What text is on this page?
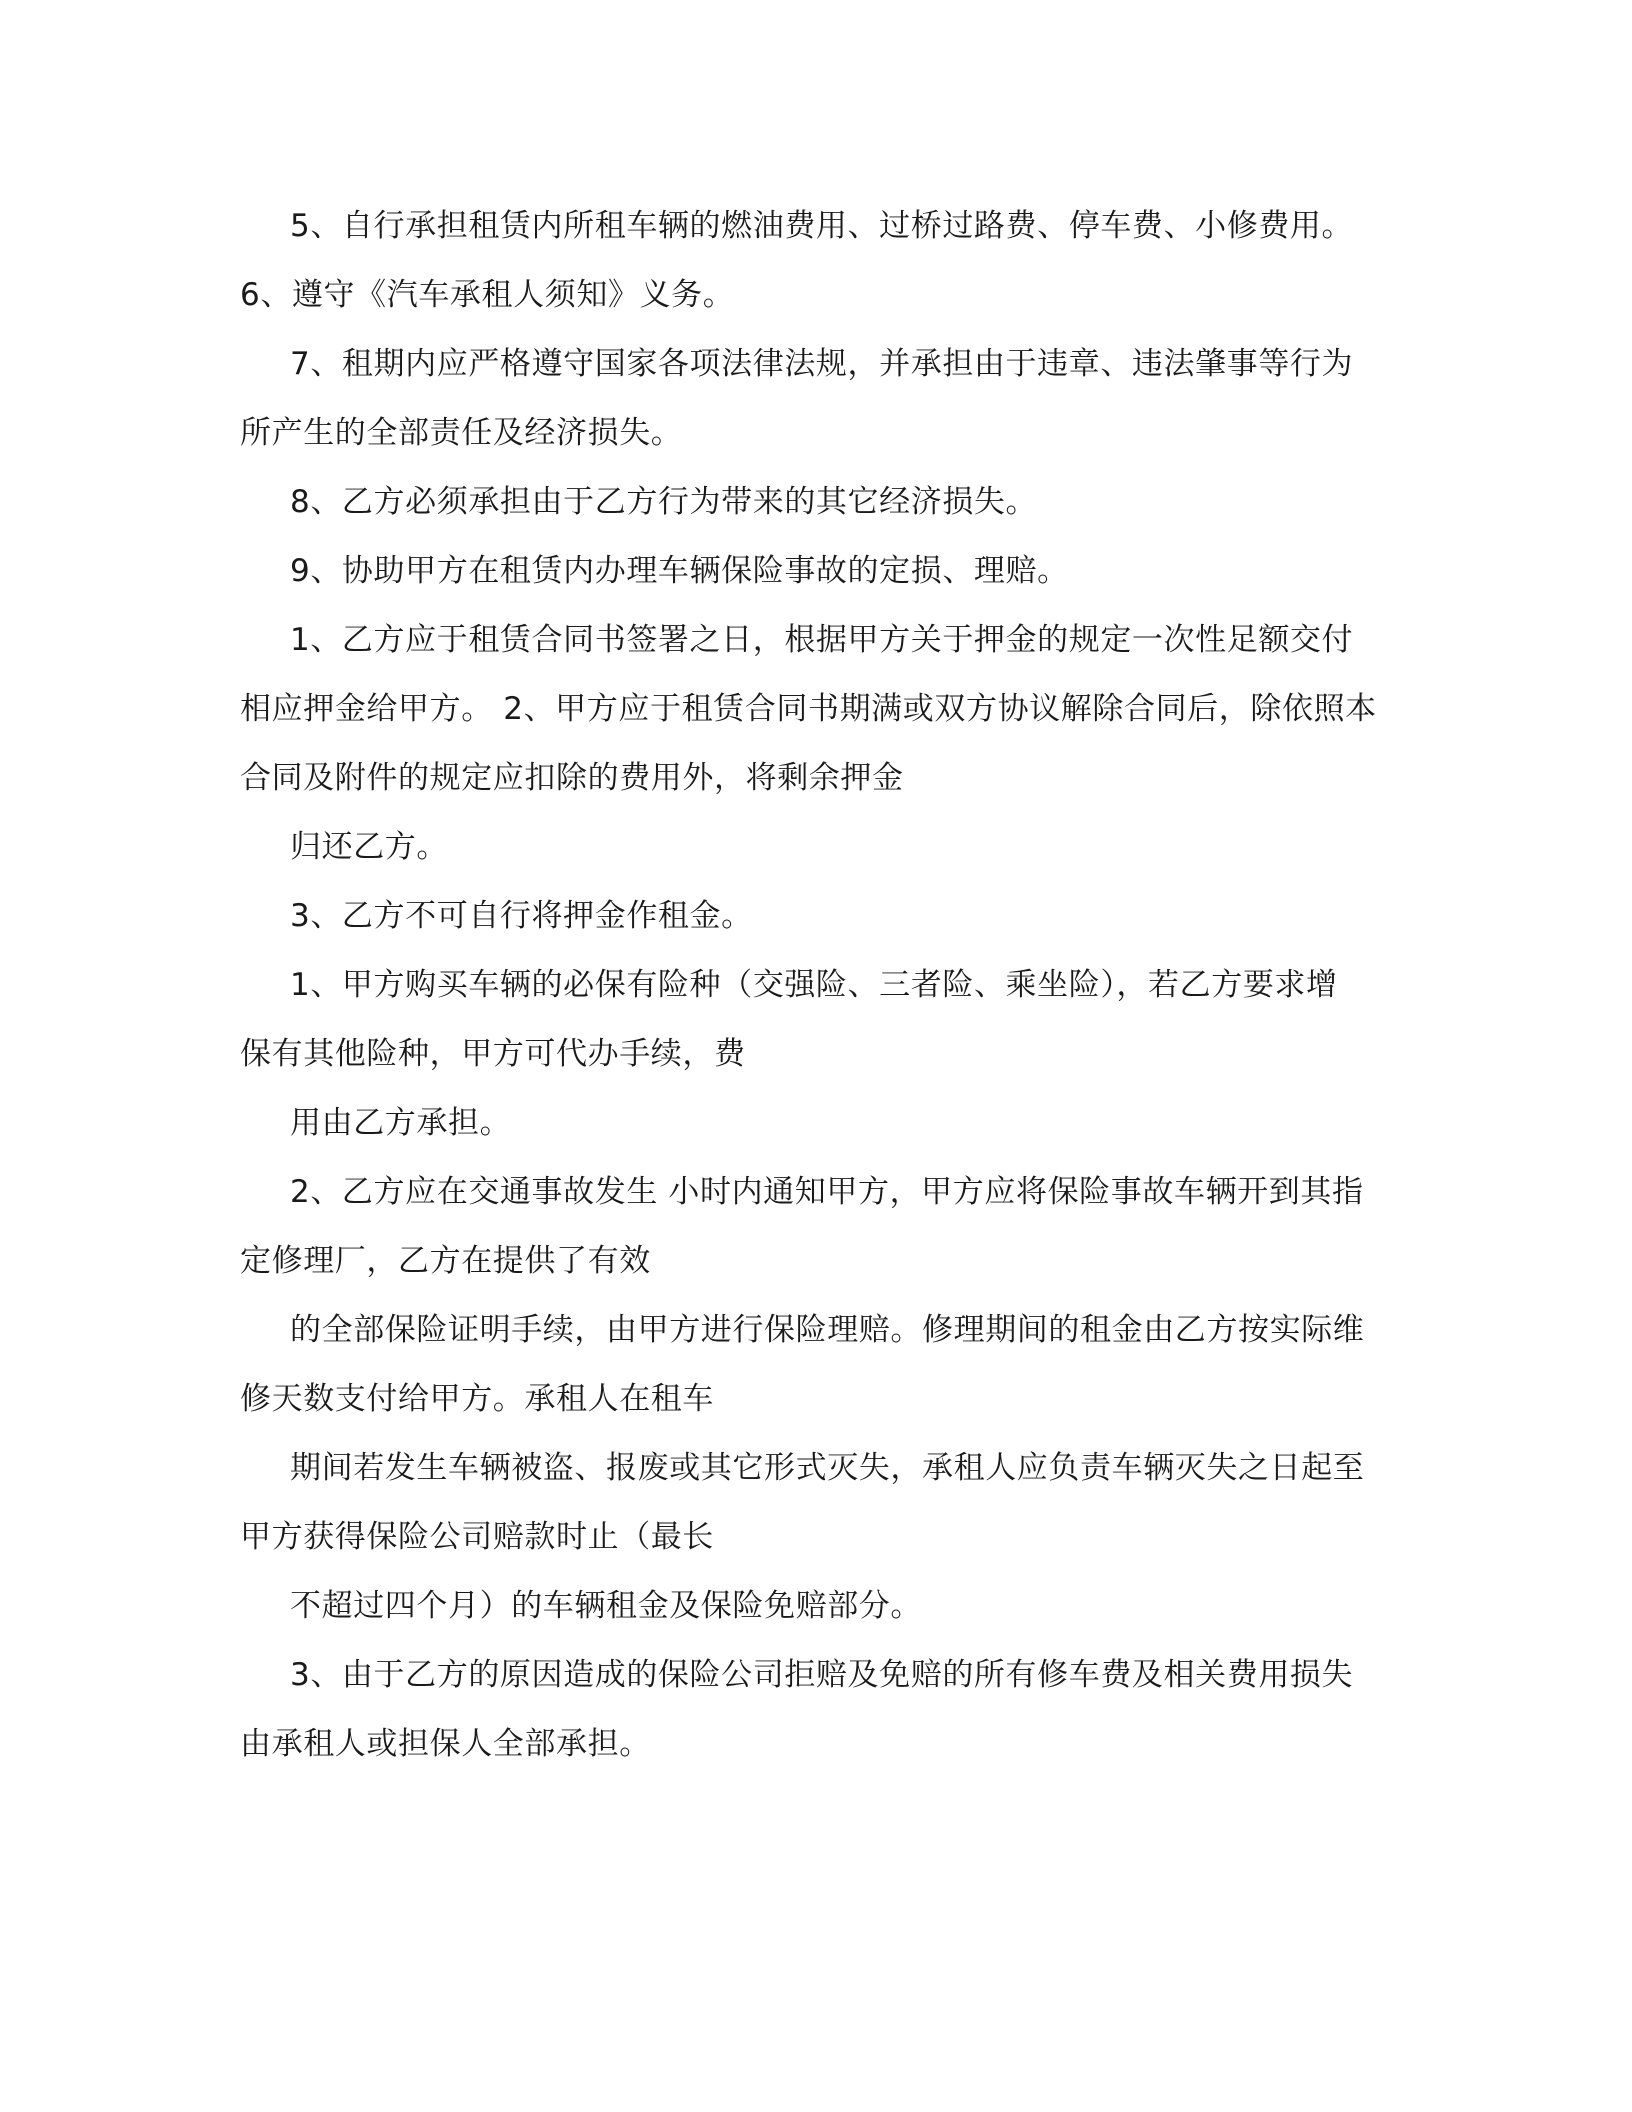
5、自行承担租赁内所租车辆的燃油费用、过桥过路费、停车费、小修费用。
6、遵守《汽车承租人须知》义务。
7、租期内应严格遵守国家各项法律法规，并承担由于违章、违法肇事等行为
所产生的全部责任及经济损失。
8、乙方必须承担由于乙方行为带来的其它经济损失。
9、协助甲方在租赁内办理车辆保险事故的定损、理赔。
1、乙方应于租赁合同书签署之日，根据甲方关于押金的规定一次性足额交付
相应押金给甲方。 2、甲方应于租赁合同书期满或双方协议解除合同后，除依照本
合同及附件的规定应扣除的费用外，将剩余押金
归还乙方。
3、乙方不可自行将押金作租金。
1、甲方购买车辆的必保有险种（交强险、三者险、乘坐险），若乙方要求增
保有其他险种，甲方可代办手续，费
用由乙方承担。
2、乙方应在交通事故发生 小时内通知甲方，甲方应将保险事故车辆开到其指
定修理厂，乙方在提供了有效
的全部保险证明手续，由甲方进行保险理赔。修理期间的租金由乙方按实际维
修天数支付给甲方。承租人在租车
期间若发生车辆被盗、报废或其它形式灭失，承租人应负责车辆灭失之日起至
甲方获得保险公司赔款时止（最长
不超过四个月）的车辆租金及保险免赔部分。
3、由于乙方的原因造成的保险公司拒赔及免赔的所有修车费及相关费用损失
由承租人或担保人全部承担。
